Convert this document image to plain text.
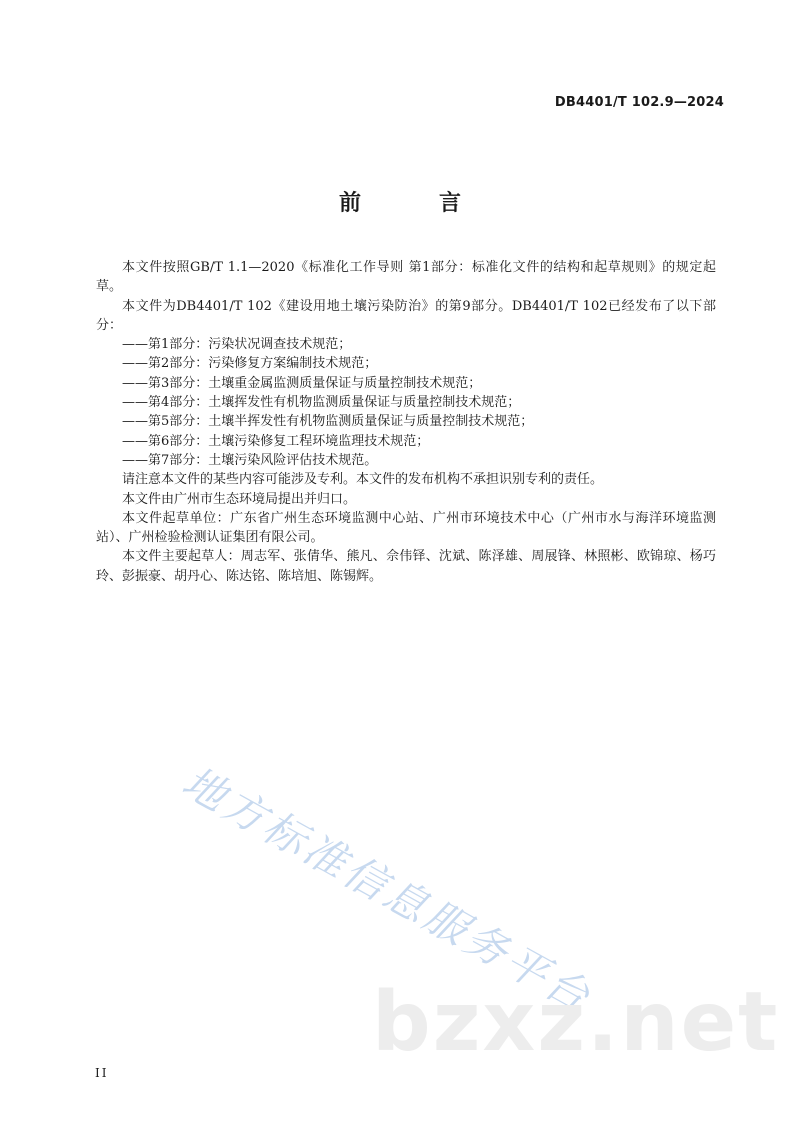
DB4401/T 102.9—2024
前　言

本文件按照GB/T 1.1—2020《标准化工作导则 第1部分：标准化文件的结构和起草规则》的规定起草。

本文件为DB4401/T 102《建设用地土壤污染防治》的第9部分。DB4401/T 102已经发布了以下部分：

——第1部分：污染状况调查技术规范；

——第2部分：污染修复方案编制技术规范；

——第3部分：土壤重金属监测质量保证与质量控制技术规范；

——第4部分：土壤挥发性有机物监测质量保证与质量控制技术规范；

——第5部分：土壤半挥发性有机物监测质量保证与质量控制技术规范；

——第6部分：土壤污染修复工程环境监理技术规范；

——第7部分：土壤污染风险评估技术规范。

请注意本文件的某些内容可能涉及专利。本文件的发布机构不承担识别专利的责任。

本文件由广州市生态环境局提出并归口。

本文件起草单位：广东省广州生态环境监测中心站、广州市环境技术中心（广州市水与海洋环境监测站）、广州检验检测认证集团有限公司。

本文件主要起草人：周志军、张倩华、熊凡、佘伟铎、沈斌、陈泽雄、周展锋、林照彬、欧锦琼、杨巧玲、彭振豪、胡丹心、陈达铭、陈培旭、陈锡辉。

地方标准信息服务平台
bzxz.net
II
